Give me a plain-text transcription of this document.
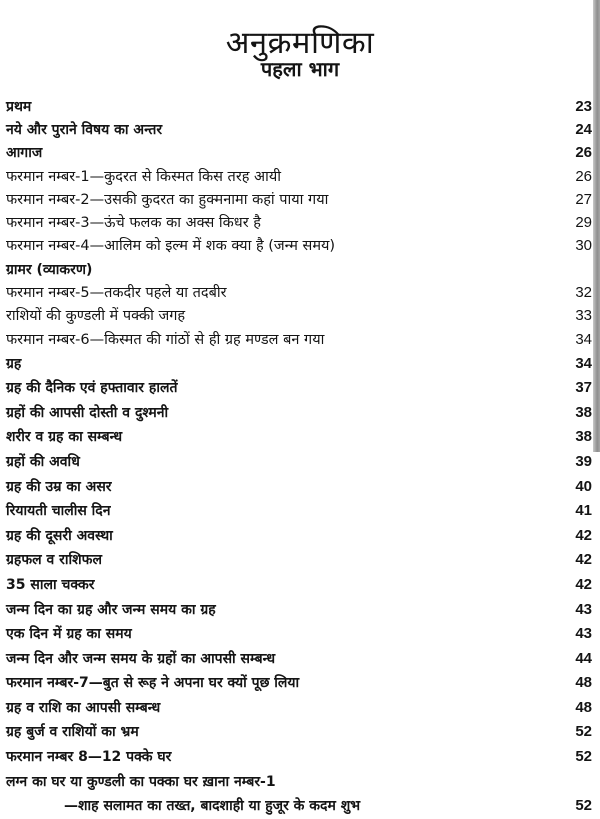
अनुक्रमणिका
पहला भाग
प्रथम	23
नये और पुराने विषय का अन्तर	24
आगाज	26
फरमान नम्बर-1—कुदरत से किस्मत किस तरह आयी	26
फरमान नम्बर-2—उसकी कुदरत का हुक्मनामा कहां पाया गया	27
फरमान नम्बर-3—ऊंचे फलक का अक्स किधर है	29
फरमान नम्बर-4—आलिम को इल्म में शक क्या है (जन्म समय)	30
ग्रामर (व्याकरण)
फरमान नम्बर-5—तकदीर पहले या तदबीर	32
राशियों की कुण्डली में पक्की जगह	33
फरमान नम्बर-6—किस्मत की गांठों से ही ग्रह मण्डल बन गया	34
ग्रह	34
ग्रह की दैनिक एवं हफ्तावार हालतें	37
ग्रहों की आपसी दोस्ती व दुश्मनी	38
शरीर व ग्रह का सम्बन्ध	38
ग्रहों की अवधि	39
ग्रह की उम्र का असर	40
रियायती चालीस दिन	41
ग्रह की दूसरी अवस्था	42
ग्रहफल व राशिफल	42
35 साला चक्कर	42
जन्म दिन का ग्रह और जन्म समय का ग्रह	43
एक दिन में ग्रह का समय	43
जन्म दिन और जन्म समय के ग्रहों का आपसी सम्बन्ध	44
फरमान नम्बर-7—बुत से रूह ने अपना घर क्यों पूछ लिया	48
ग्रह व राशि का आपसी सम्बन्ध	48
ग्रह बुर्ज व राशियों का भ्रम	52
फरमान नम्बर 8—12 पक्के घर	52
लग्न का घर या कुण्डली का पक्का घर ख़ाना नम्बर-1
—शाह सलामत का तख्त, बादशाही या हुजूर के कदम शुभ	52
